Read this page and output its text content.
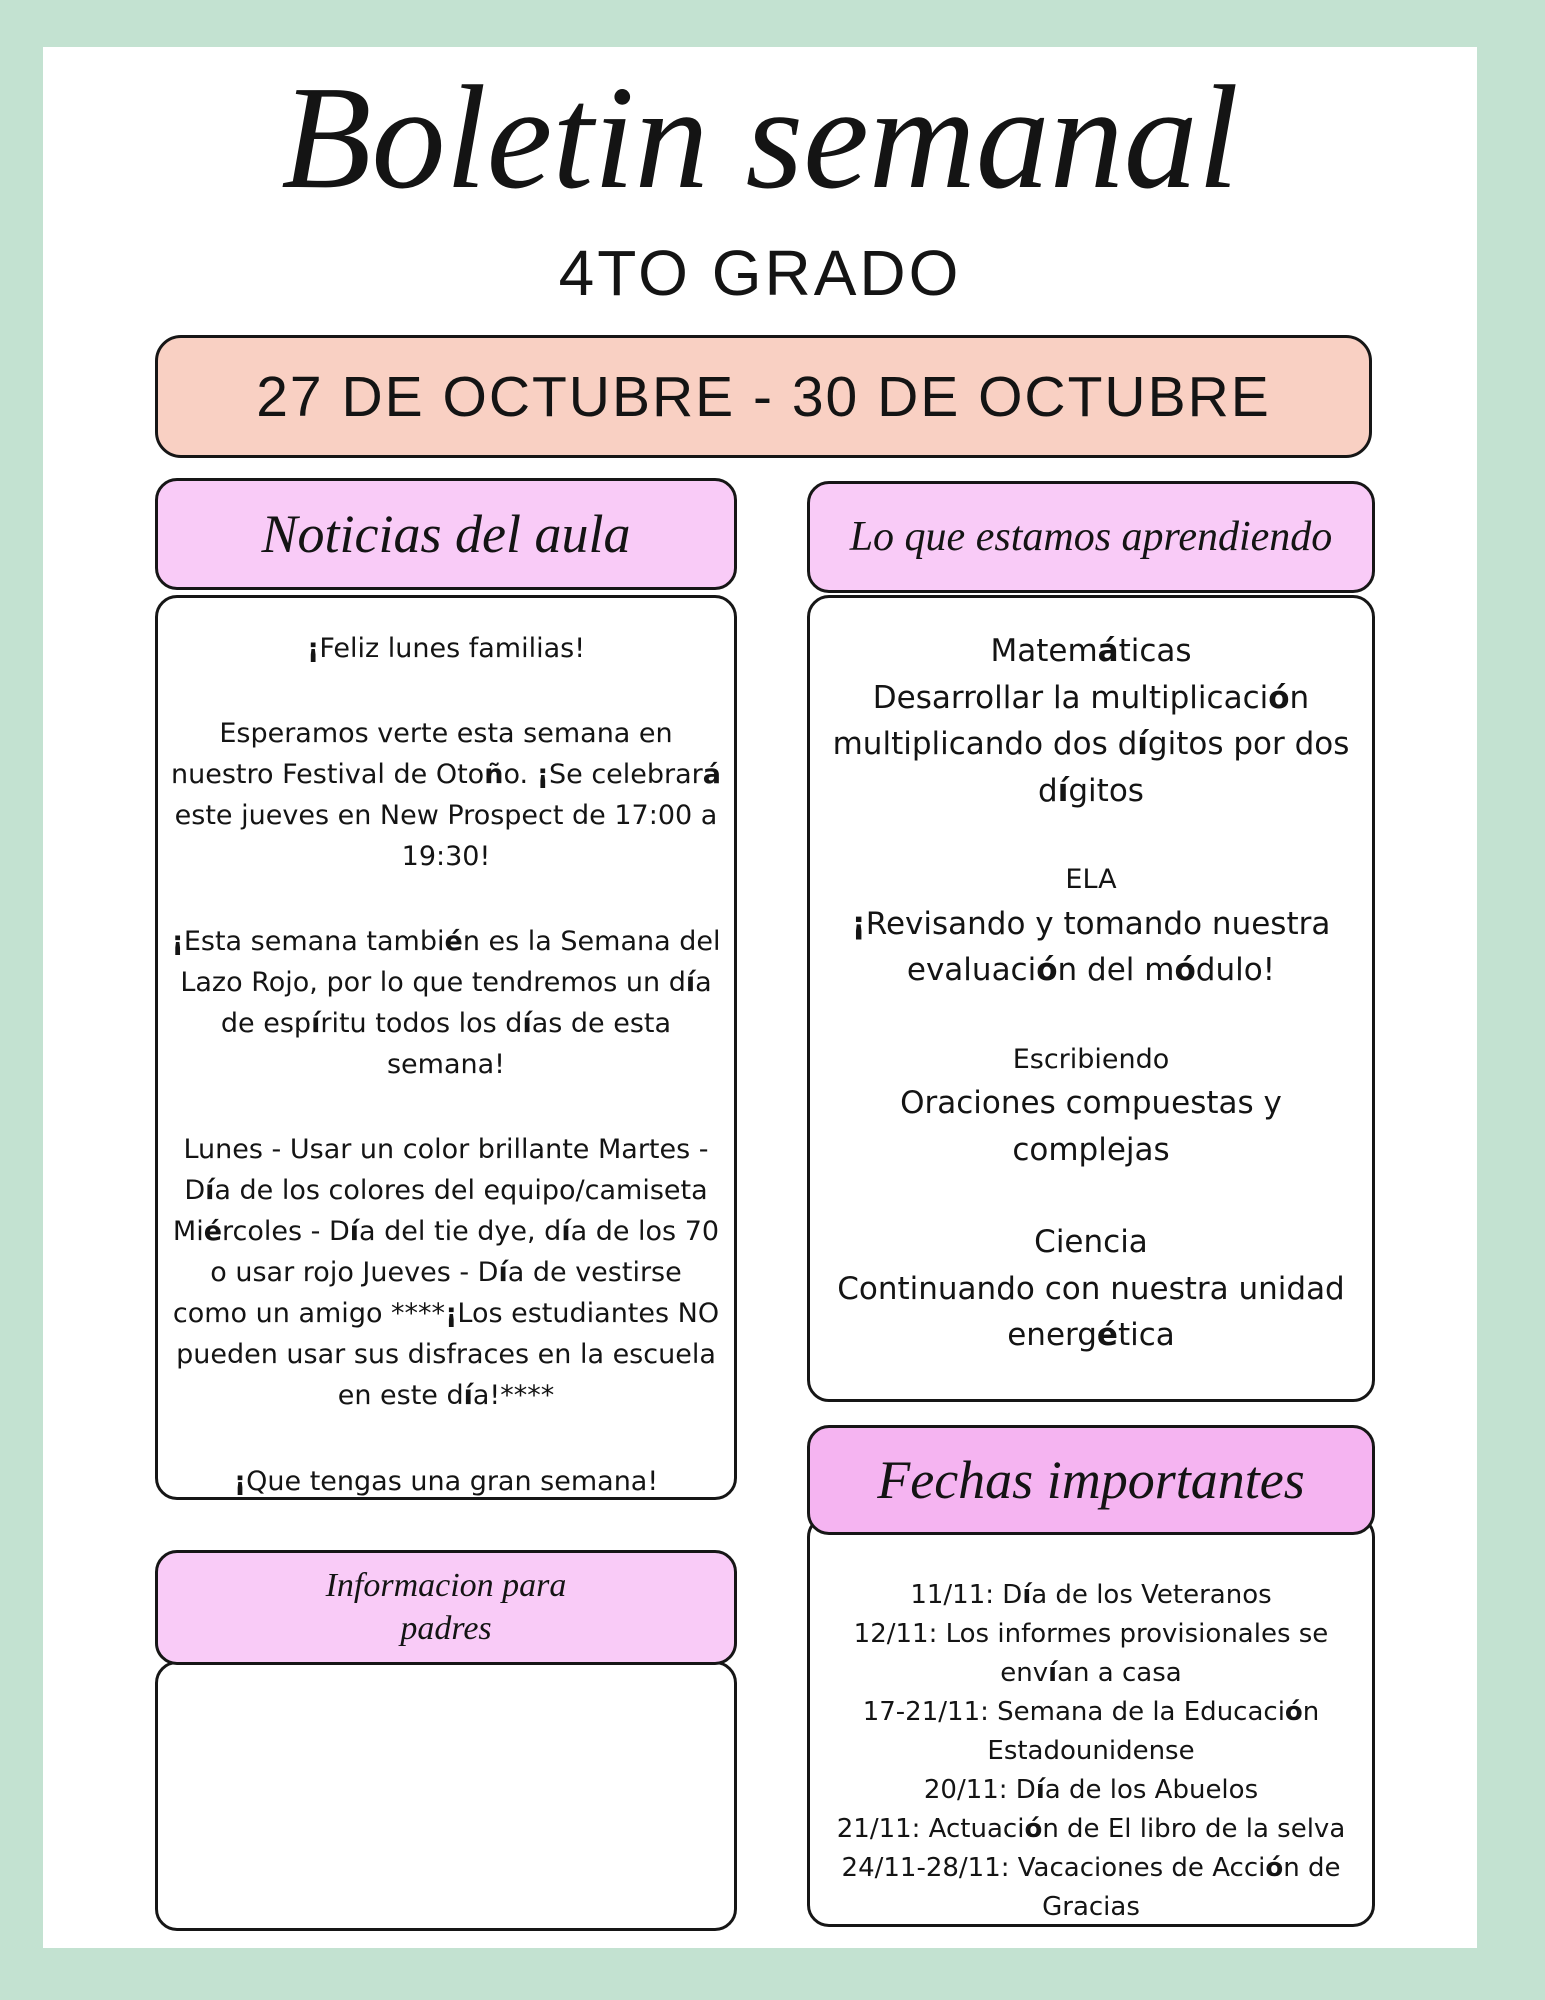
Boletin semanal
4TO GRADO
27 DE OCTUBRE - 30 DE OCTUBRE
Noticias del aula

¡Feliz lunes familias!

Esperamos verte esta semana en nuestro Festival de Otoño. ¡Se celebrará este jueves en New Prospect de 17:00 a 19:30!

¡Esta semana también es la Semana del Lazo Rojo, por lo que tendremos un día de espíritu todos los días de esta semana!

Lunes - Usar un color brillante Martes - Día de los colores del equipo/camiseta Miércoles - Día del tie dye, día de los 70 o usar rojo Jueves - Día de vestirse como un amigo ****¡Los estudiantes NO pueden usar sus disfraces en la escuela en este día!****

¡Que tengas una gran semana!

Informacion para padres
Lo que estamos aprendiendo
Matemáticas
Desarrollar la multiplicación multiplicando dos dígitos por dos dígitos
ELA
¡Revisando y tomando nuestra evaluación del módulo!
Escribiendo
Oraciones compuestas y complejas
Ciencia
Continuando con nuestra unidad energética
Fechas importantes

11/11: Día de los Veteranos

12/11: Los informes provisionales se envían a casa

17-21/11: Semana de la Educación Estadounidense

20/11: Día de los Abuelos

21/11: Actuación de El libro de la selva

24/11-28/11: Vacaciones de Acción de Gracias
